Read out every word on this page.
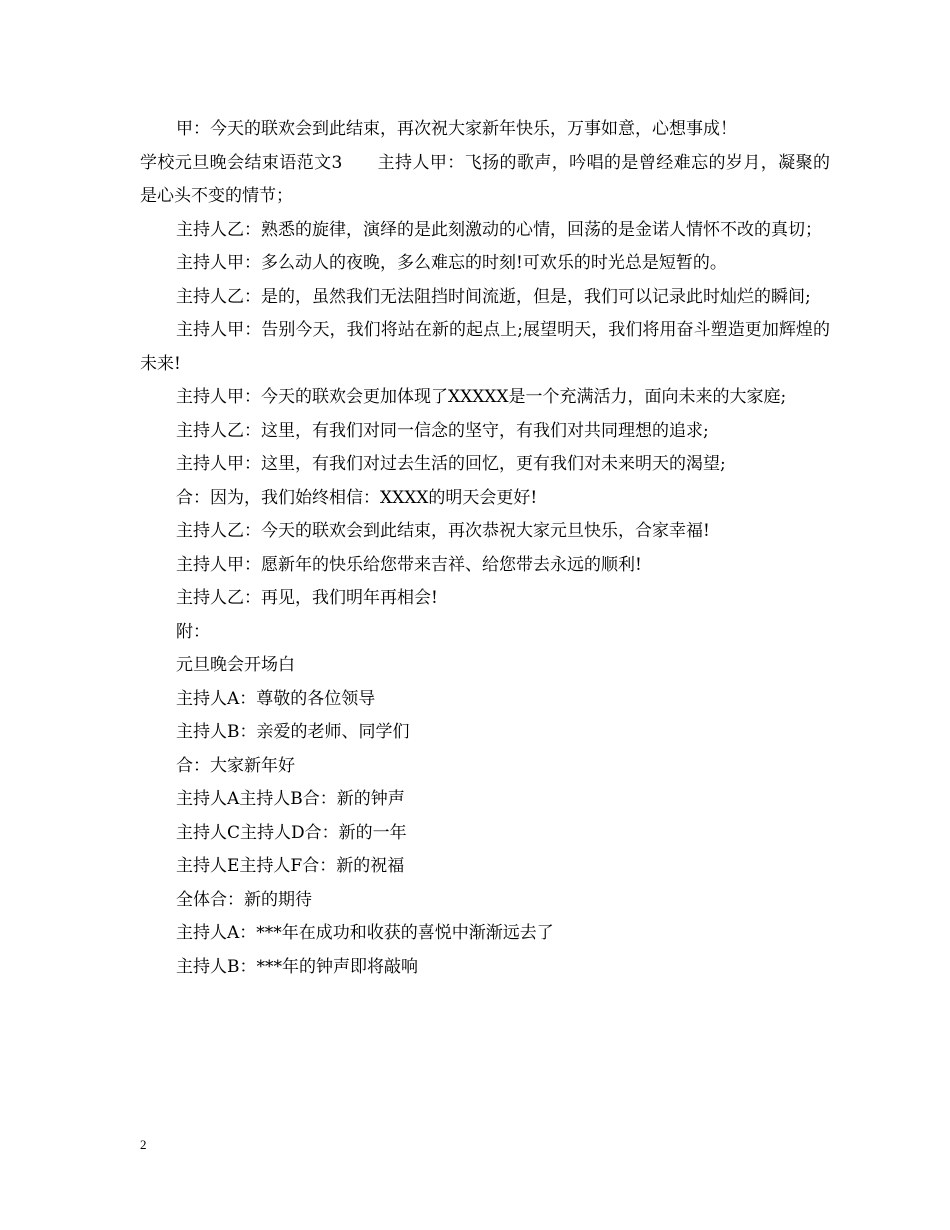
甲：今天的联欢会到此结束，再次祝大家新年快乐，万事如意，心想事成！

学校元旦晚会结束语范文3　　主持人甲：飞扬的歌声，吟唱的是曾经难忘的岁月，凝聚的是心头不变的情节；

主持人乙：熟悉的旋律，演绎的是此刻激动的心情，回荡的是金诺人情怀不改的真切；

主持人甲：多么动人的夜晚，多么难忘的时刻!可欢乐的时光总是短暂的。

主持人乙：是的，虽然我们无法阻挡时间流逝，但是，我们可以记录此时灿烂的瞬间;

主持人甲：告别今天，我们将站在新的起点上;展望明天，我们将用奋斗塑造更加辉煌的未来!

主持人甲：今天的联欢会更加体现了XXXXX是一个充满活力，面向未来的大家庭;

主持人乙：这里，有我们对同一信念的坚守，有我们对共同理想的追求;

主持人甲：这里，有我们对过去生活的回忆，更有我们对未来明天的渴望;

合：因为，我们始终相信：XXXX的明天会更好!

主持人乙：今天的联欢会到此结束，再次恭祝大家元旦快乐，合家幸福!

主持人甲：愿新年的快乐给您带来吉祥、给您带去永远的顺利!

主持人乙：再见，我们明年再相会!

附：

元旦晚会开场白

主持人A：尊敬的各位领导

主持人B：亲爱的老师、同学们

合：大家新年好

主持人A主持人B合：新的钟声

主持人C主持人D合：新的一年

主持人E主持人F合：新的祝福

全体合：新的期待

主持人A：***年在成功和收获的喜悦中渐渐远去了

主持人B：***年的钟声即将敲响

2
